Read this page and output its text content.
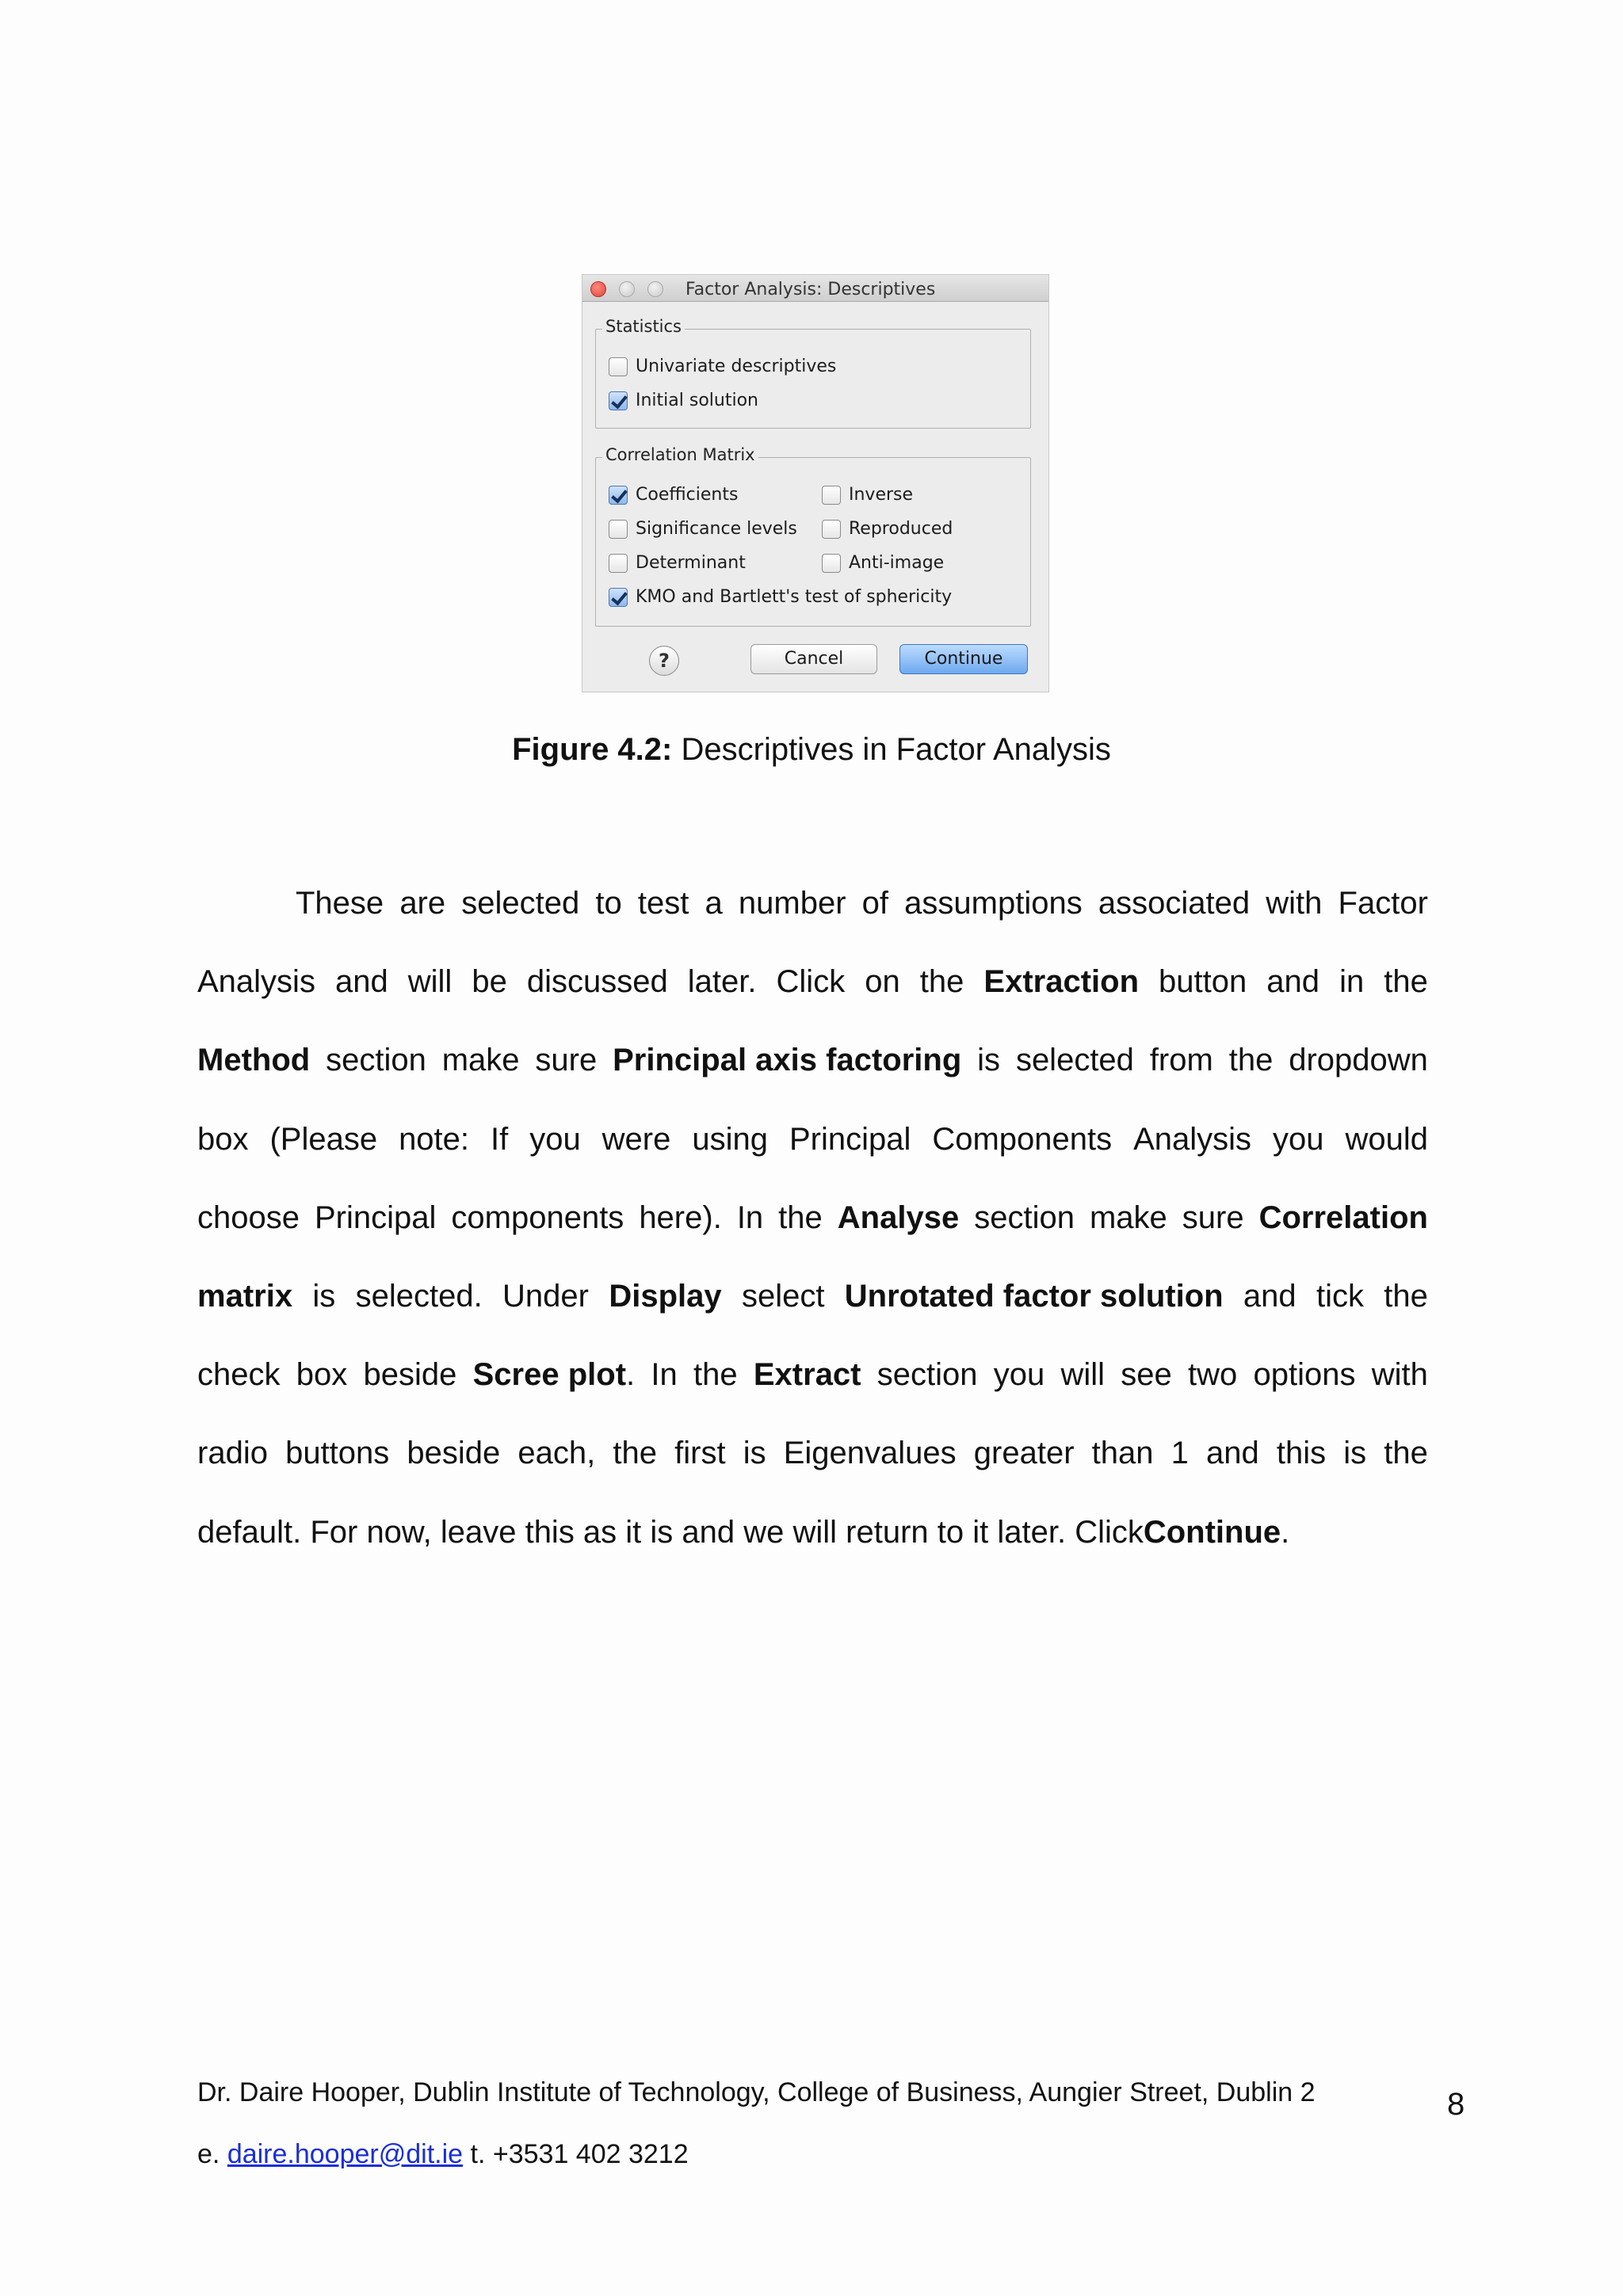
Factor Analysis: Descriptives
Statistics
Univariate descriptives
Initial solution
Correlation Matrix
Coefficients	Inverse
Significance levels	Reproduced
Determinant	Anti-image
KMO and Bartlett's test of sphericity
?	Cancel	Continue
Figure 4.2: Descriptives in Factor Analysis
These are selected to test a number of assumptions associated with Factor
Analysis and will be discussed later. Click on the Extraction button and in the
Method section make sure Principal axis factoring is selected from the dropdown
box (Please note: If you were using Principal Components Analysis you would
choose Principal components here). In the Analyse section make sure Correlation
matrix is selected. Under Display select Unrotated factor solution and tick the
check box beside Scree plot. In the Extract section you will see two options with
radio buttons beside each, the first is Eigenvalues greater than 1 and this is the
default. For now, leave this as it is and we will return to it later. Click Continue .
Dr. Daire Hooper, Dublin Institute of Technology, College of Business, Aungier Street, Dublin 2
e. daire.hooper@dit.ie t. +3531 402 3212
8
